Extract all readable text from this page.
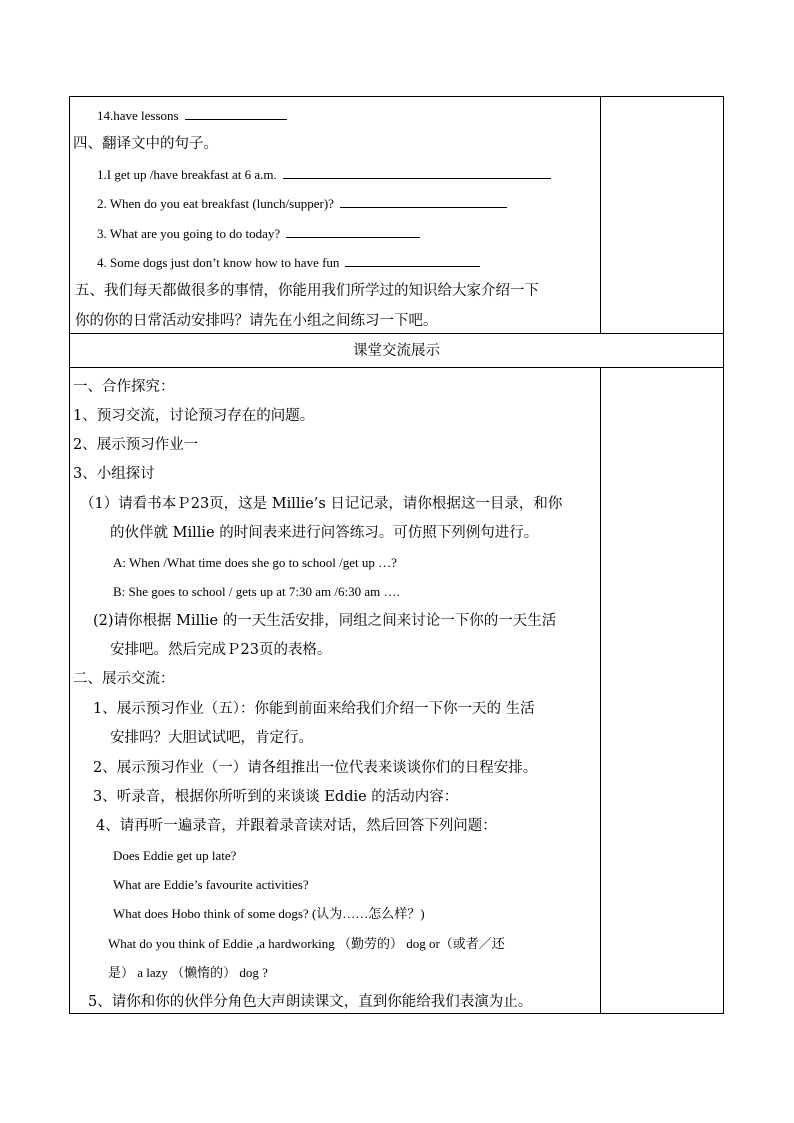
14.have lessons
四、翻译文中的句子。
1.I get up /have breakfast at 6 a.m.
2. When do you eat breakfast (lunch/supper)?
3. What are you going to do today?
4. Some dogs just don’t know how to have fun
五、我们每天都做很多的事情，你能用我们所学过的知识给大家介绍一下
你的你的日常活动安排吗？请先在小组之间练习一下吧。
课堂交流展示
一、合作探究：
1、预习交流，讨论预习存在的问题。
2、展示预习作业一
3、小组探讨
（1）请看书本Ｐ23页，这是 Millie’s 日记记录，请你根据这一目录，和你
的伙伴就 Millie 的时间表来进行问答练习。可仿照下列例句进行。
A: When /What time does she go to school /get up …?
B: She goes to school / gets up at 7:30 am /6:30 am ….
(2)请你根据 Millie 的一天生活安排，同组之间来讨论一下你的一天生活
安排吧。然后完成Ｐ23页的表格。
二、展示交流：
1、展示预习作业（五）：你能到前面来给我们介绍一下你一天的 生活
安排吗？大胆试试吧，肯定行。
2、展示预习作业（一）请各组推出一位代表来谈谈你们的日程安排。
3、听录音，根据你所听到的来谈谈 Eddie 的活动内容：
4、请再听一遍录音，并跟着录音读对话，然后回答下列问题：
Does Eddie get up late?
What are Eddie’s favourite activities?
What does Hobo think of some dogs? (认为……怎么样？)
What do you think of Eddie ,a hardworking （勤劳的） dog or（或者／还
是） a lazy （懒惰的） dog ?
5、请你和你的伙伴分角色大声朗读课文，直到你能给我们表演为止。
